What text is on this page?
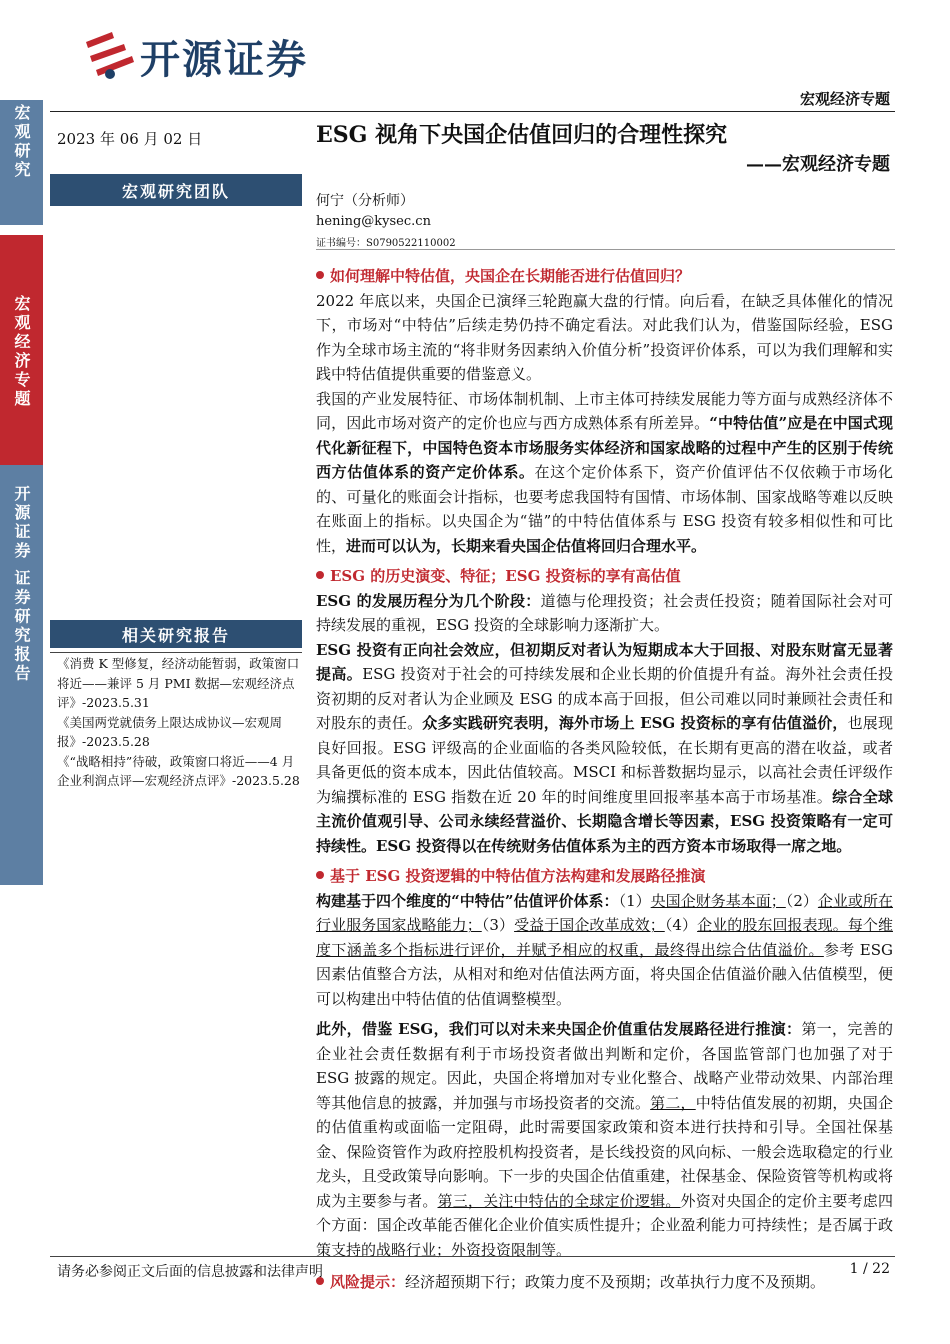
开源证券
宏观经济专题
宏观研究
宏观经济专题
开源证券 证券研究报告
2023 年 06 月 02 日	ESG 视角下央国企估值回归的合理性探究
——宏观经济专题
宏观研究团队
何宁（分析师）
hening@kysec.cn
证书编号：S0790522110002
相关研究报告
《消费 K 型修复，经济动能暂弱，政策窗口将近——兼评 5 月 PMI 数据—宏观经济点评》-2023.5.31
《美国两党就债务上限达成协议—宏观周报》-2023.5.28
《“战略相持”待破，政策窗口将近——4 月企业利润点评—宏观经济点评》-2023.5.28
如何理解中特估值，央国企在长期能否进行估值回归？

2022 年底以来，央国企已演绎三轮跑赢大盘的行情。向后看，在缺乏具体催化的情况下，市场对“中特估”后续走势仍持不确定看法。对此我们认为，借鉴国际经验，ESG 作为全球市场主流的“将非财务因素纳入价值分析”投资评价体系，可以为我们理解和实践中特估值提供重要的借鉴意义。

我国的产业发展特征、市场体制机制、上市主体可持续发展能力等方面与成熟经济体不同，因此市场对资产的定价也应与西方成熟体系有所差异。“中特估值”应是在中国式现代化新征程下，中国特色资本市场服务实体经济和国家战略的过程中产生的区别于传统西方估值体系的资产定价体系。在这个定价体系下，资产价值评估不仅依赖于市场化的、可量化的账面会计指标，也要考虑我国特有国情、市场体制、国家战略等难以反映在账面上的指标。以央国企为“锚”的中特估值体系与 ESG 投资有较多相似性和可比性，进而可以认为，长期来看央国企估值将回归合理水平。

ESG 的历史演变、特征；ESG 投资标的享有高估值

ESG 的发展历程分为几个阶段：道德与伦理投资；社会责任投资；随着国际社会对可持续发展的重视，ESG 投资的全球影响力逐渐扩大。

ESG 投资有正向社会效应，但初期反对者认为短期成本大于回报、对股东财富无显著提高。ESG 投资对于社会的可持续发展和企业长期的价值提升有益。海外社会责任投资初期的反对者认为企业顾及 ESG 的成本高于回报，但公司难以同时兼顾社会责任和对股东的责任。众多实践研究表明，海外市场上 ESG 投资标的享有估值溢价，也展现良好回报。ESG 评级高的企业面临的各类风险较低，在长期有更高的潜在收益，或者具备更低的资本成本，因此估值较高。MSCI 和标普数据均显示，以高社会责任评级作为编撰标准的 ESG 指数在近 20 年的时间维度里回报率基本高于市场基准。综合全球主流价值观引导、公司永续经营溢价、长期隐含增长等因素，ESG 投资策略有一定可持续性。ESG 投资得以在传统财务估值体系为主的西方资本市场取得一席之地。

基于 ESG 投资逻辑的中特估值方法构建和发展路径推演

构建基于四个维度的“中特估”估值评价体系：（1）央国企财务基本面；（2）企业或所在行业服务国家战略能力；（3）受益于国企改革成效；（4）企业的股东回报表现。每个维度下涵盖多个指标进行评价，并赋予相应的权重，最终得出综合估值溢价。参考 ESG 因素估值整合方法，从相对和绝对估值法两方面，将央国企估值溢价融入估值模型，便可以构建出中特估值的估值调整模型。

此外，借鉴 ESG，我们可以对未来央国企价值重估发展路径进行推演：第一，完善的企业社会责任数据有利于市场投资者做出判断和定价，各国监管部门也加强了对于 ESG 披露的规定。因此，央国企将增加对专业化整合、战略产业带动效果、内部治理等其他信息的披露，并加强与市场投资者的交流。第二，中特估值发展的初期，央国企的估值重构或面临一定阻碍，此时需要国家政策和资本进行扶持和引导。全国社保基金、保险资管作为政府控股机构投资者，是长线投资的风向标、一般会选取稳定的行业龙头，且受政策导向影响。下一步的央国企估值重建，社保基金、保险资管等机构或将成为主要参与者。第三，关注中特估的全球定价逻辑。外资对央国企的定价主要考虑四个方面：国企改革能否催化企业价值实质性提升；企业盈利能力可持续性；是否属于政策支持的战略行业；外资投资限制等。

风险提示：经济超预期下行；政策力度不及预期；改革执行力度不及预期。
请务必参阅正文后面的信息披露和法律声明	1 / 22
